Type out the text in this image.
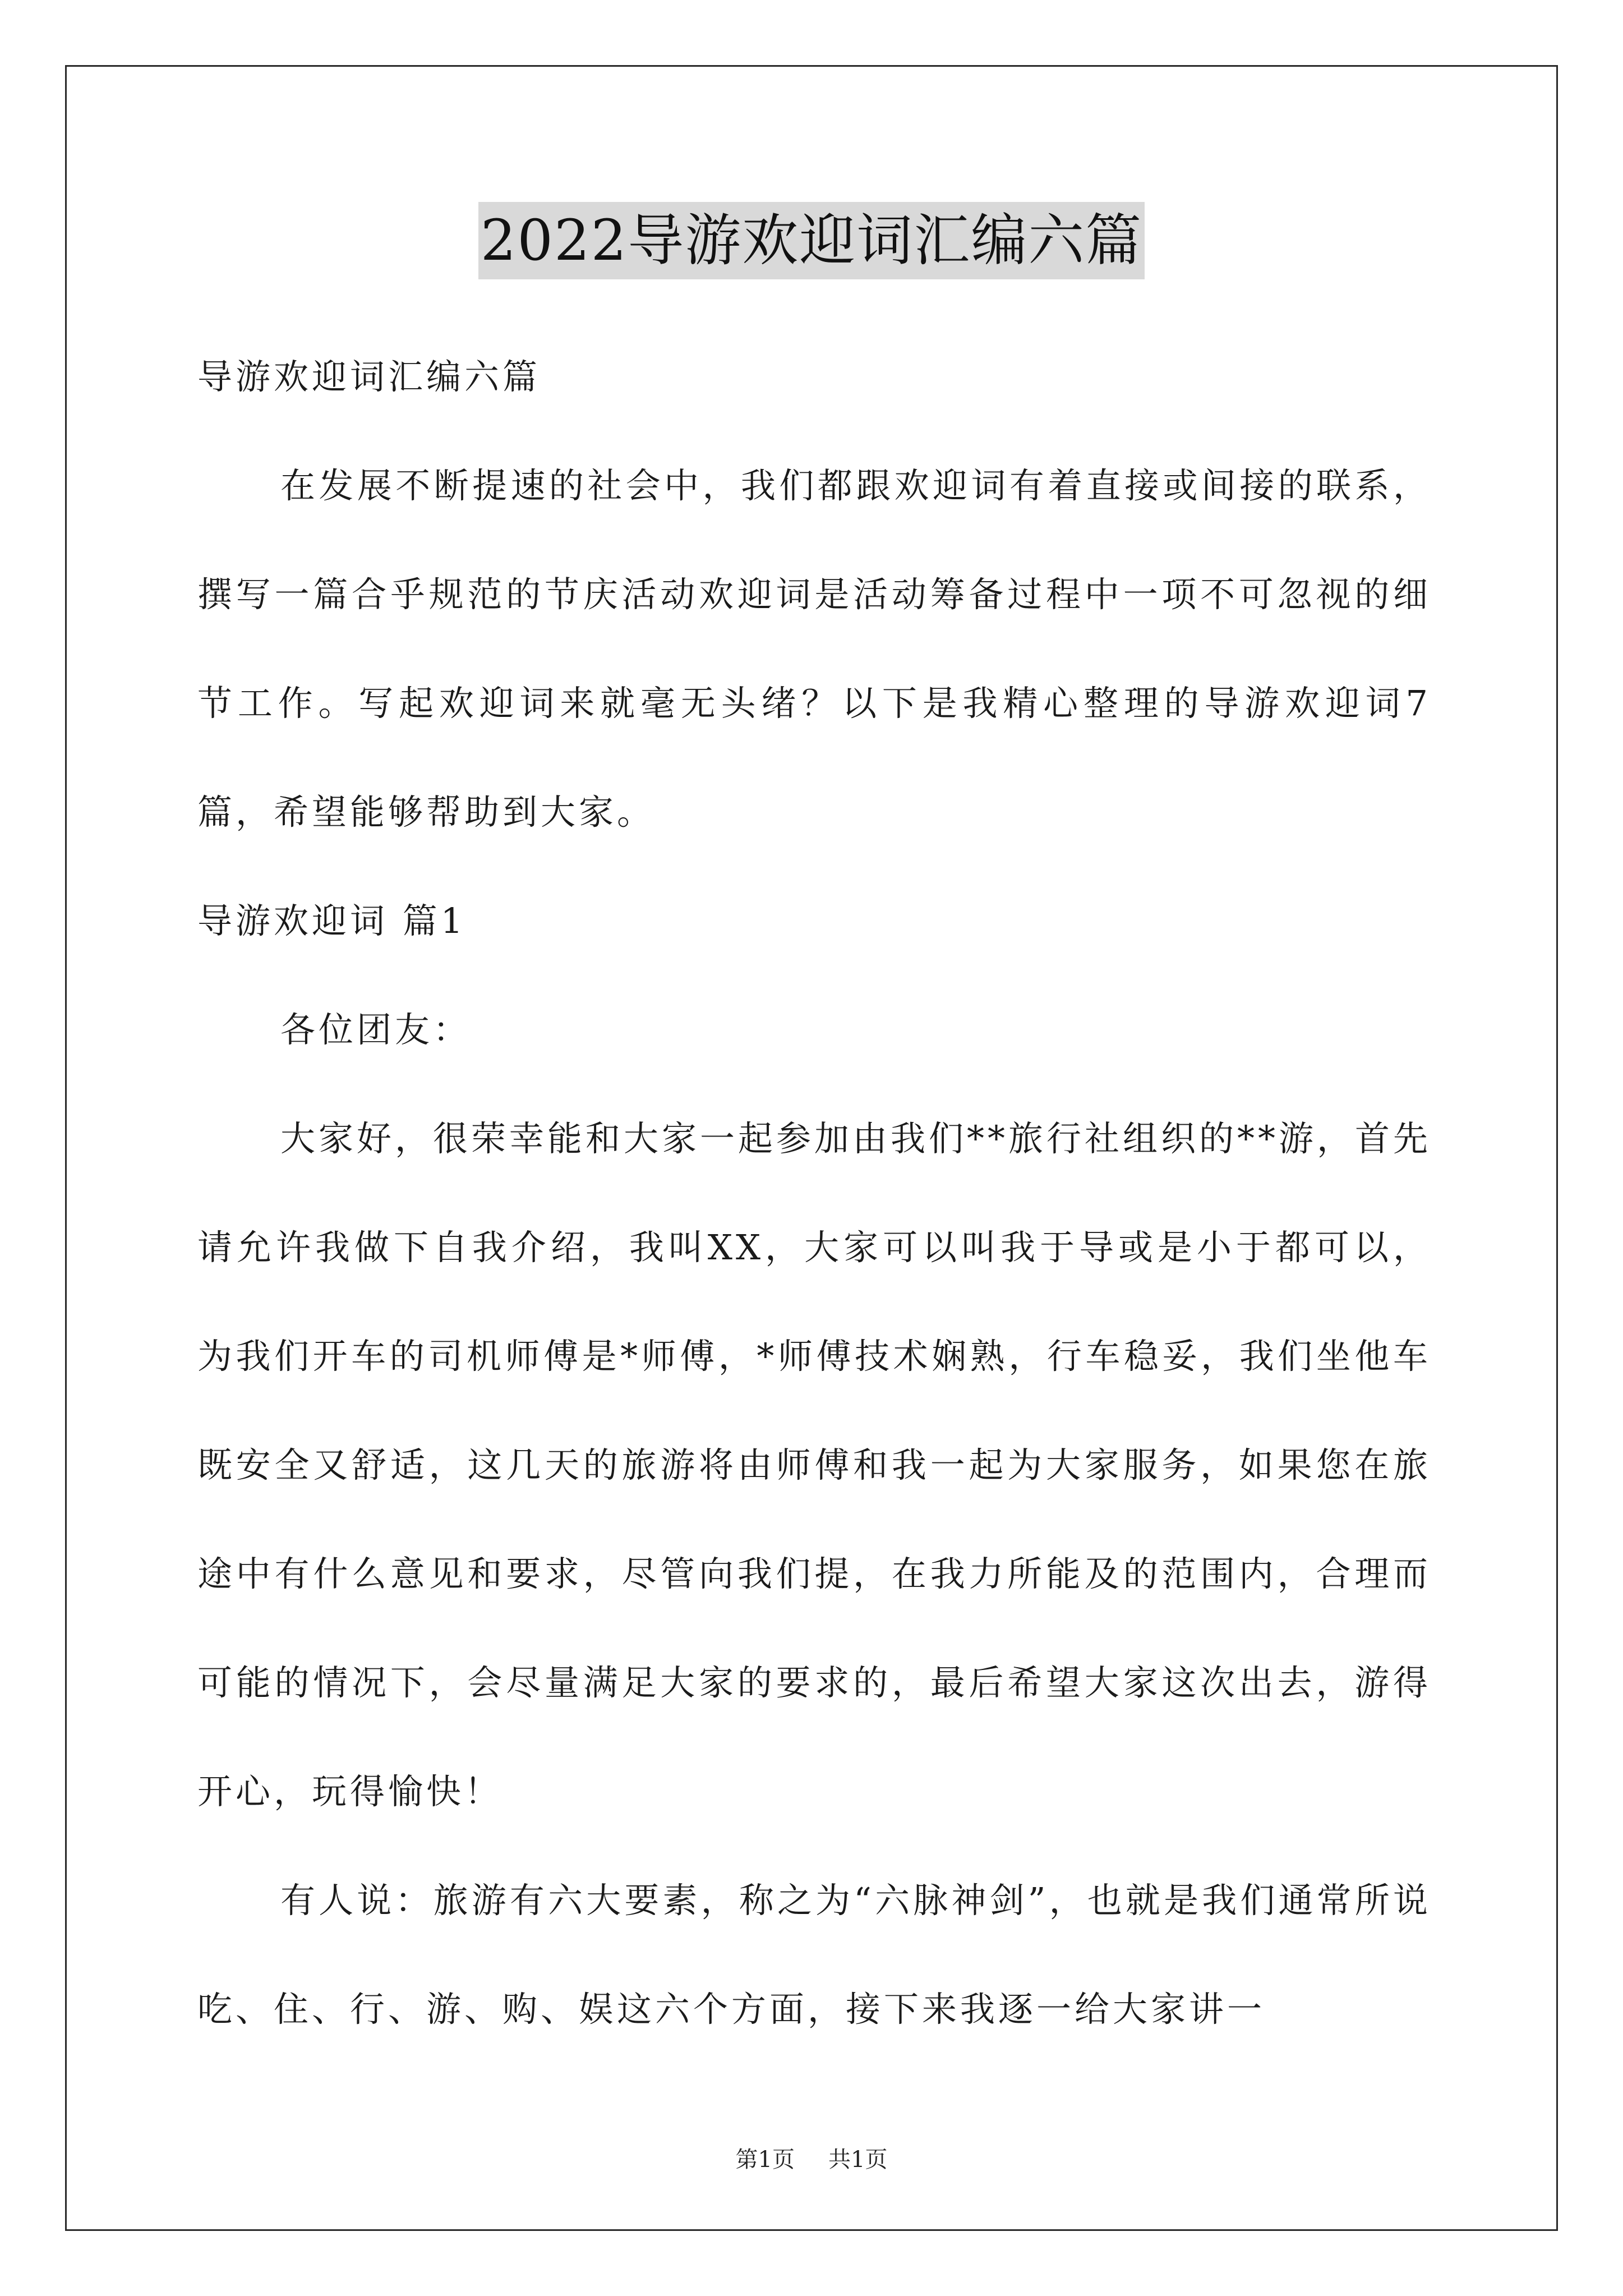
2022导游欢迎词汇编六篇

导游欢迎词汇编六篇

在发展不断提速的社会中，我们都跟欢迎词有着直接或间接的联系，撰写一篇合乎规范的节庆活动欢迎词是活动筹备过程中一项不可忽视的细节工作。写起欢迎词来就毫无头绪？以下是我精心整理的导游欢迎词7篇，希望能够帮助到大家。

导游欢迎词 篇1

各位团友：

大家好，很荣幸能和大家一起参加由我们**旅行社组织的**游，首先请允许我做下自我介绍，我叫XX，大家可以叫我于导或是小于都可以，为我们开车的司机师傅是*师傅，*师傅技术娴熟，行车稳妥，我们坐他车既安全又舒适，这几天的旅游将由师傅和我一起为大家服务，如果您在旅途中有什么意见和要求，尽管向我们提，在我力所能及的范围内，合理而可能的情况下，会尽量满足大家的要求的，最后希望大家这次出去，游得开心，玩得愉快！

有人说：旅游有六大要素，称之为“六脉神剑”，也就是我们通常所说吃、住、行、游、购、娱这六个方面，接下来我逐一给大家讲一

第1页 共1页
